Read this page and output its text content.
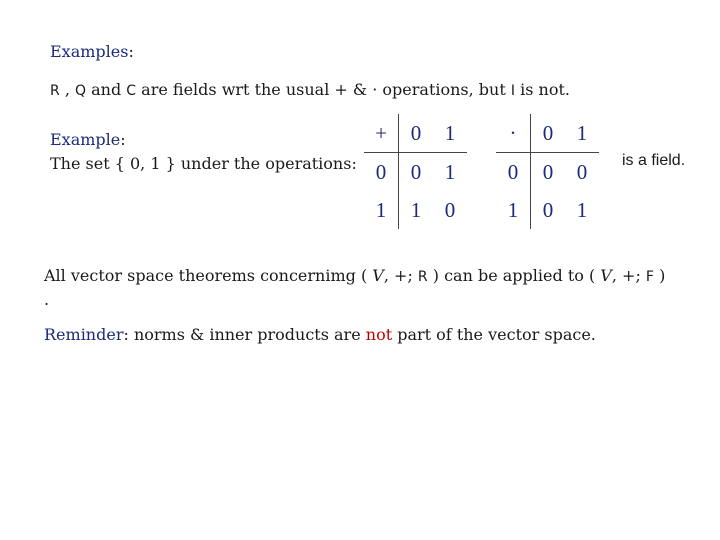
Examples:
R , Q and C are fields wrt the usual + & · operations, but I is not.
Example:
The set { 0, 1 } under the operations:
+	0	1
0	0	1
1	1	0
·	0	1
0	0	0
1	0	1
is a field.
All vector space theorems concernimg ( V, +; R ) can be applied to ( V, +; F )
.
Reminder: norms & inner products are not part of the vector space.
